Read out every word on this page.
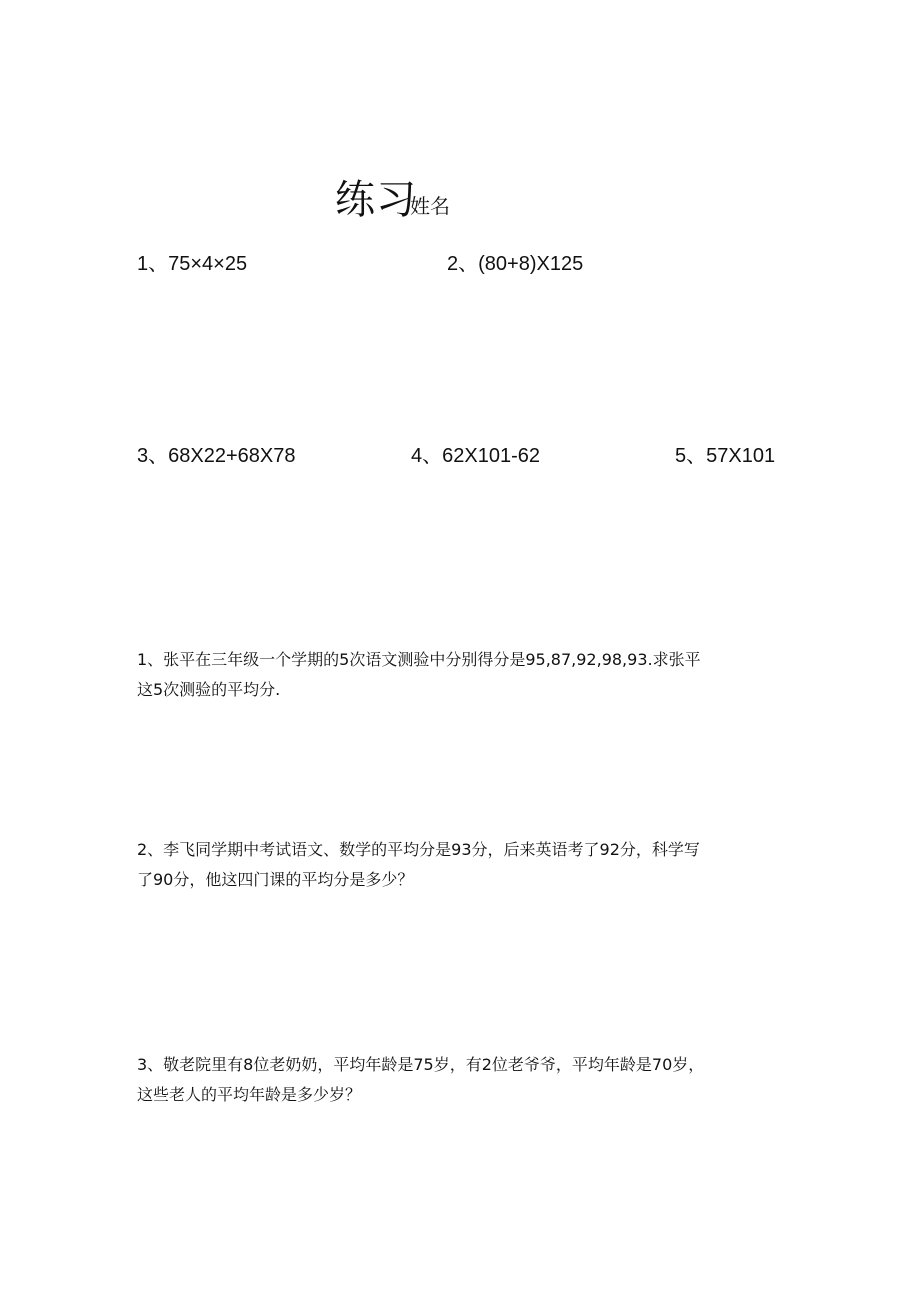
练习
姓名
1、75×4×25	2、(80+8)X125
3、68X22+68X78	4、62X101-62	5、57X101
1、张平在三年级一个学期的5次语文测验中分别得分是95,87,92,98,93.求张平
这5次测验的平均分.
2、李飞同学期中考试语文、数学的平均分是93分，后来英语考了92分，科学写
了90分，他这四门课的平均分是多少？
3、敬老院里有8位老奶奶，平均年龄是75岁，有2位老爷爷，平均年龄是70岁，
这些老人的平均年龄是多少岁？
